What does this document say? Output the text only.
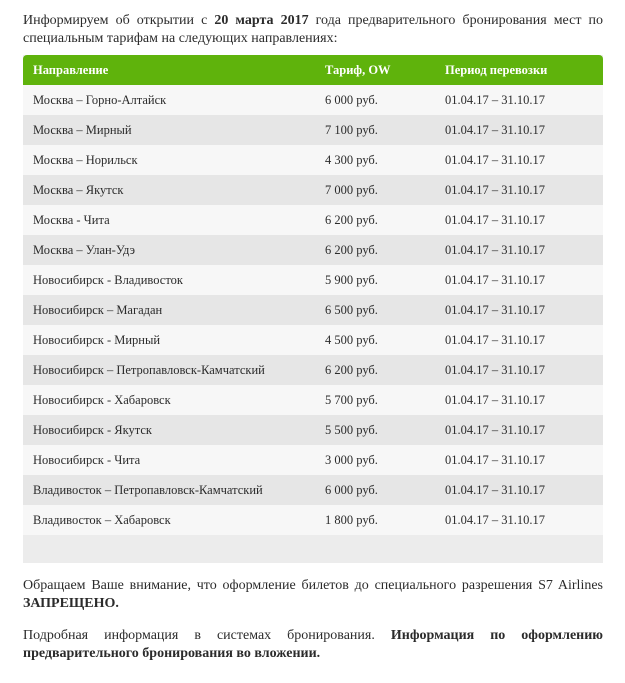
Информируем об открытии с 20 марта 2017 года предварительного бронирования мест по специальным тарифам на следующих направлениях:
Направление	Тариф, OW	Период перевозки
Москва – Горно-Алтайск	6 000 руб.	01.04.17 – 31.10.17
Москва – Мирный	7 100 руб.	01.04.17 – 31.10.17
Москва – Норильск	4 300 руб.	01.04.17 – 31.10.17
Москва – Якутск	7 000 руб.	01.04.17 – 31.10.17
Москва - Чита	6 200 руб.	01.04.17 – 31.10.17
Москва – Улан-Удэ	6 200 руб.	01.04.17 – 31.10.17
Новосибирск - Владивосток	5 900 руб.	01.04.17 – 31.10.17
Новосибирск – Магадан	6 500 руб.	01.04.17 – 31.10.17
Новосибирск - Мирный	4 500 руб.	01.04.17 – 31.10.17
Новосибирск – Петропавловск-Камчатский	6 200 руб.	01.04.17 – 31.10.17
Новосибирск - Хабаровск	5 700 руб.	01.04.17 – 31.10.17
Новосибирск - Якутск	5 500 руб.	01.04.17 – 31.10.17
Новосибирск - Чита	3 000 руб.	01.04.17 – 31.10.17
Владивосток – Петропавловск-Камчатский	6 000 руб.	01.04.17 – 31.10.17
Владивосток – Хабаровск	1 800 руб.	01.04.17 – 31.10.17
Обращаем Ваше внимание, что оформление билетов до специального разрешения S7 Airlines ЗАПРЕЩЕНО.
Подробная информация в системах бронирования. Информация по оформлению предварительного бронирования во вложении.
